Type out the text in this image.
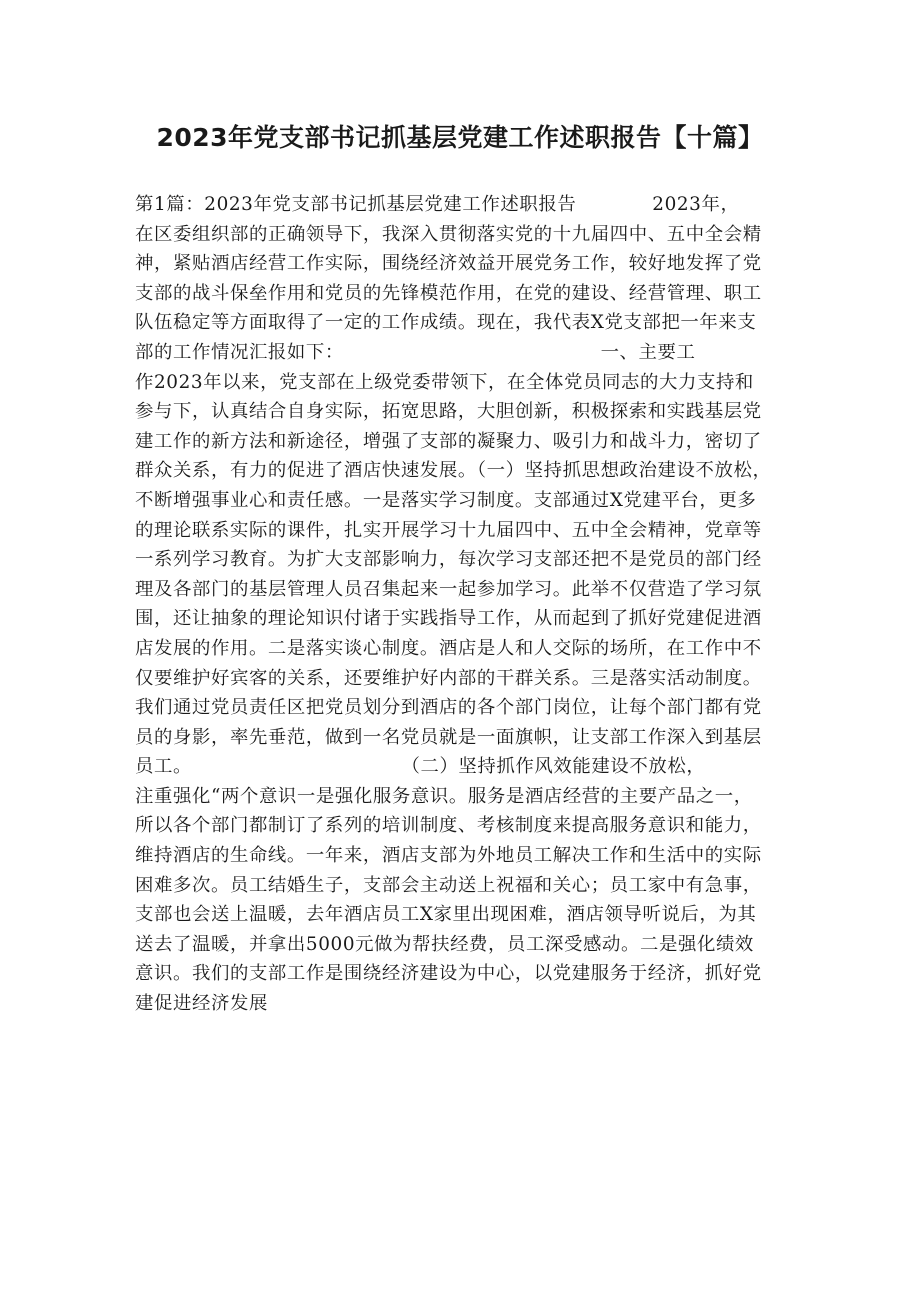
2023年党支部书记抓基层党建工作述职报告【十篇】
第1篇：2023年党支部书记抓基层党建工作述职报告　　　　2023年，
在区委组织部的正确领导下，我深入贯彻落实党的十九届四中、五中全会精
神，紧贴酒店经营工作实际，围绕经济效益开展党务工作，较好地发挥了党
支部的战斗保垒作用和党员的先锋模范作用，在党的建设、经营管理、职工
队伍稳定等方面取得了一定的工作成绩。现在，我代表X党支部把一年来支
部的工作情况汇报如下：　　　　　　　　　　　　　　一、主要工
作2023年以来，党支部在上级党委带领下，在全体党员同志的大力支持和
参与下，认真结合自身实际，拓宽思路，大胆创新，积极探索和实践基层党
建工作的新方法和新途径，增强了支部的凝聚力、吸引力和战斗力，密切了
群众关系，有力的促进了酒店快速发展。（一）坚持抓思想政治建设不放松，
不断增强事业心和责任感。一是落实学习制度。支部通过X党建平台，更多
的理论联系实际的课件，扎实开展学习十九届四中、五中全会精神，党章等
一系列学习教育。为扩大支部影响力，每次学习支部还把不是党员的部门经
理及各部门的基层管理人员召集起来一起参加学习。此举不仅营造了学习氛
围，还让抽象的理论知识付诸于实践指导工作，从而起到了抓好党建促进酒
店发展的作用。二是落实谈心制度。酒店是人和人交际的场所，在工作中不
仅要维护好宾客的关系，还要维护好内部的干群关系。三是落实活动制度。
我们通过党员责任区把党员划分到酒店的各个部门岗位，让每个部门都有党
员的身影，率先垂范，做到一名党员就是一面旗帜，让支部工作深入到基层
员工。　　　　　　　　　　　　（二）坚持抓作风效能建设不放松，
注重强化“两个意识一是强化服务意识。服务是酒店经营的主要产品之一，
所以各个部门都制订了系列的培训制度、考核制度来提高服务意识和能力，
维持酒店的生命线。一年来，酒店支部为外地员工解决工作和生活中的实际
困难多次。员工结婚生子，支部会主动送上祝福和关心；员工家中有急事，
支部也会送上温暖，去年酒店员工X家里出现困难，酒店领导听说后，为其
送去了温暖，并拿出5000元做为帮扶经费，员工深受感动。二是强化绩效
意识。我们的支部工作是围绕经济建设为中心，以党建服务于经济，抓好党
建促进经济发展
